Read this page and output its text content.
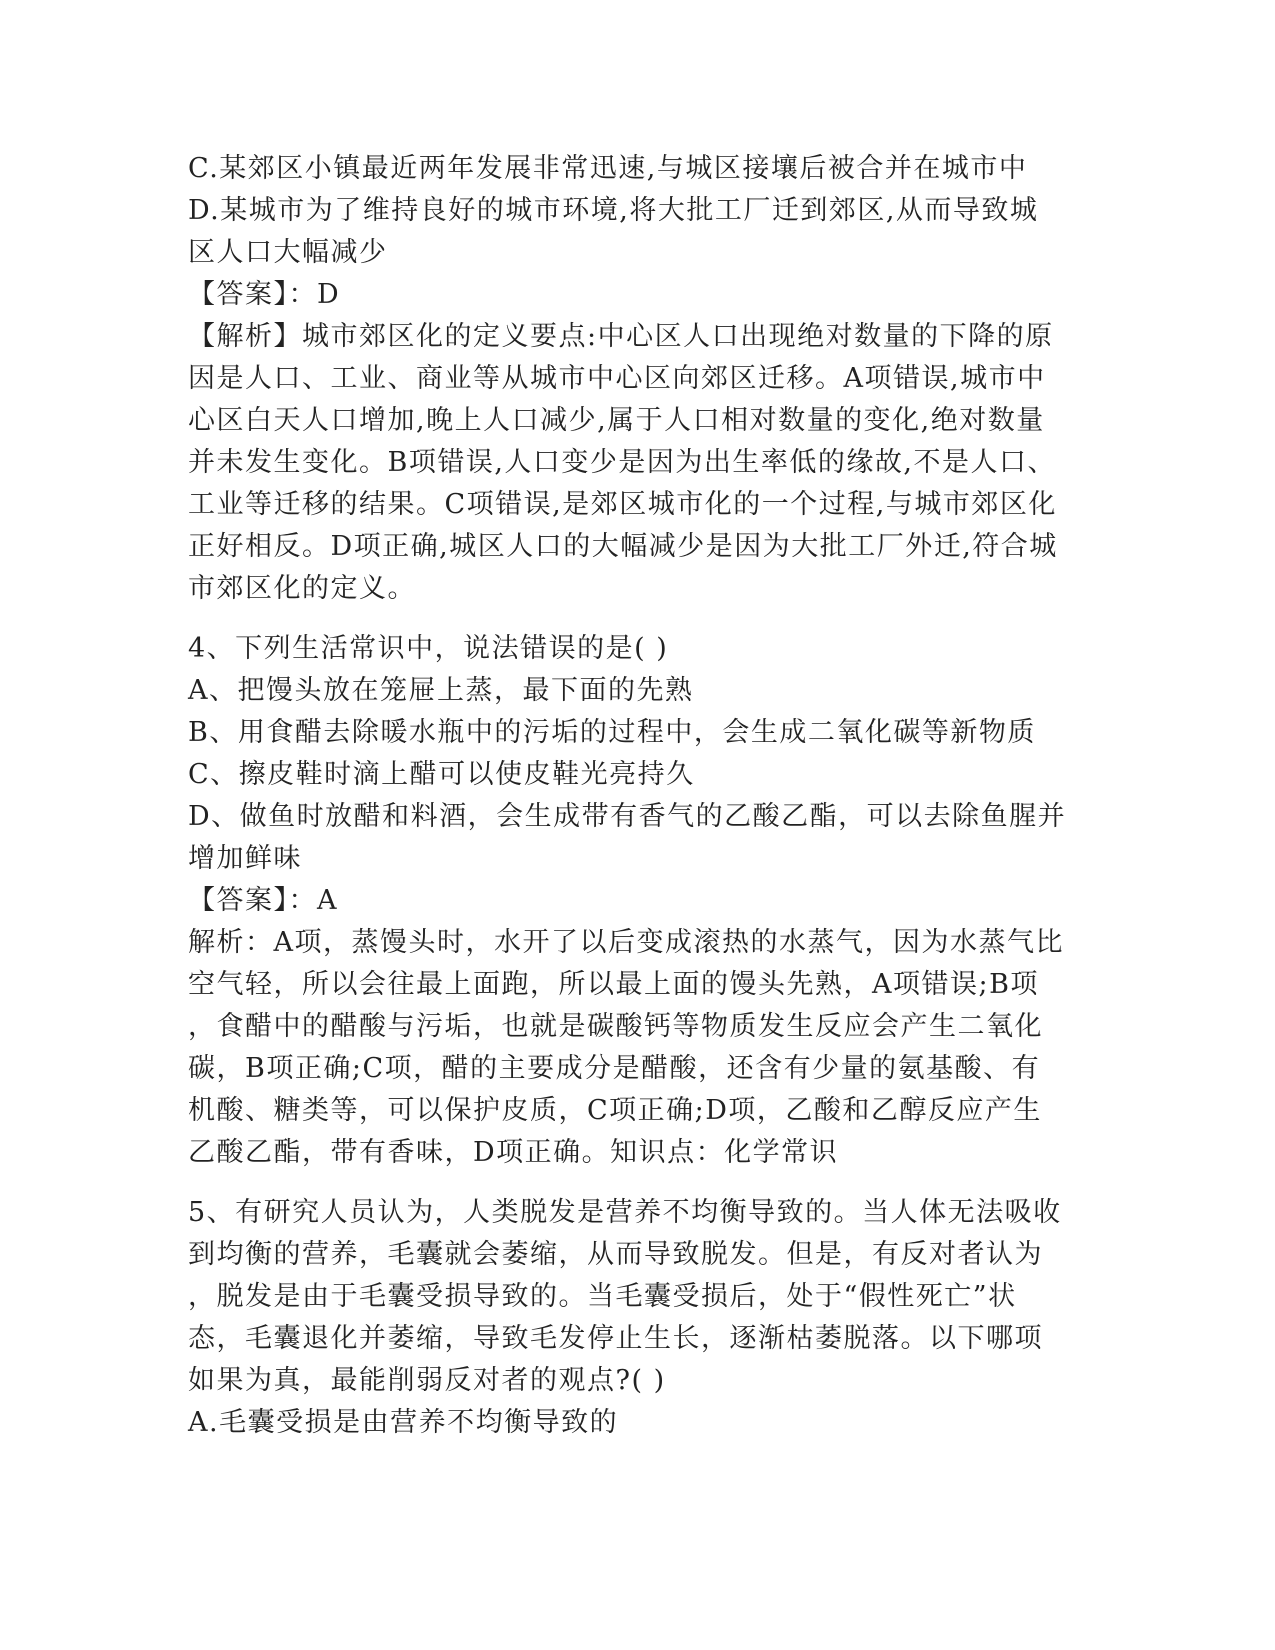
C.某郊区小镇最近两年发展非常迅速,与城区接壤后被合并在城市中
D.某城市为了维持良好的城市环境,将大批工厂迁到郊区,从而导致城
区人口大幅减少
【答案】：D
【解析】城市郊区化的定义要点:中心区人口出现绝对数量的下降的原
因是人口、工业、商业等从城市中心区向郊区迁移。A项错误,城市中
心区白天人口增加,晚上人口减少,属于人口相对数量的变化,绝对数量
并未发生变化。B项错误,人口变少是因为出生率低的缘故,不是人口、
工业等迁移的结果。C项错误,是郊区城市化的一个过程,与城市郊区化
正好相反。D项正确,城区人口的大幅减少是因为大批工厂外迁,符合城
市郊区化的定义。
4、下列生活常识中，说法错误的是( )
A、把馒头放在笼屉上蒸，最下面的先熟
B、用食醋去除暖水瓶中的污垢的过程中，会生成二氧化碳等新物质
C、擦皮鞋时滴上醋可以使皮鞋光亮持久
D、做鱼时放醋和料酒，会生成带有香气的乙酸乙酯，可以去除鱼腥并
增加鲜味
【答案】：A
解析：A项，蒸馒头时，水开了以后变成滚热的水蒸气，因为水蒸气比
空气轻，所以会往最上面跑，所以最上面的馒头先熟，A项错误;B项
，食醋中的醋酸与污垢，也就是碳酸钙等物质发生反应会产生二氧化
碳，B项正确;C项，醋的主要成分是醋酸，还含有少量的氨基酸、有
机酸、糖类等，可以保护皮质，C项正确;D项，乙酸和乙醇反应产生
乙酸乙酯，带有香味，D项正确。知识点：化学常识
5、有研究人员认为，人类脱发是营养不均衡导致的。当人体无法吸收
到均衡的营养，毛囊就会萎缩，从而导致脱发。但是，有反对者认为
，脱发是由于毛囊受损导致的。当毛囊受损后，处于“假性死亡”状
态，毛囊退化并萎缩，导致毛发停止生长，逐渐枯萎脱落。以下哪项
如果为真，最能削弱反对者的观点?( )
A.毛囊受损是由营养不均衡导致的
